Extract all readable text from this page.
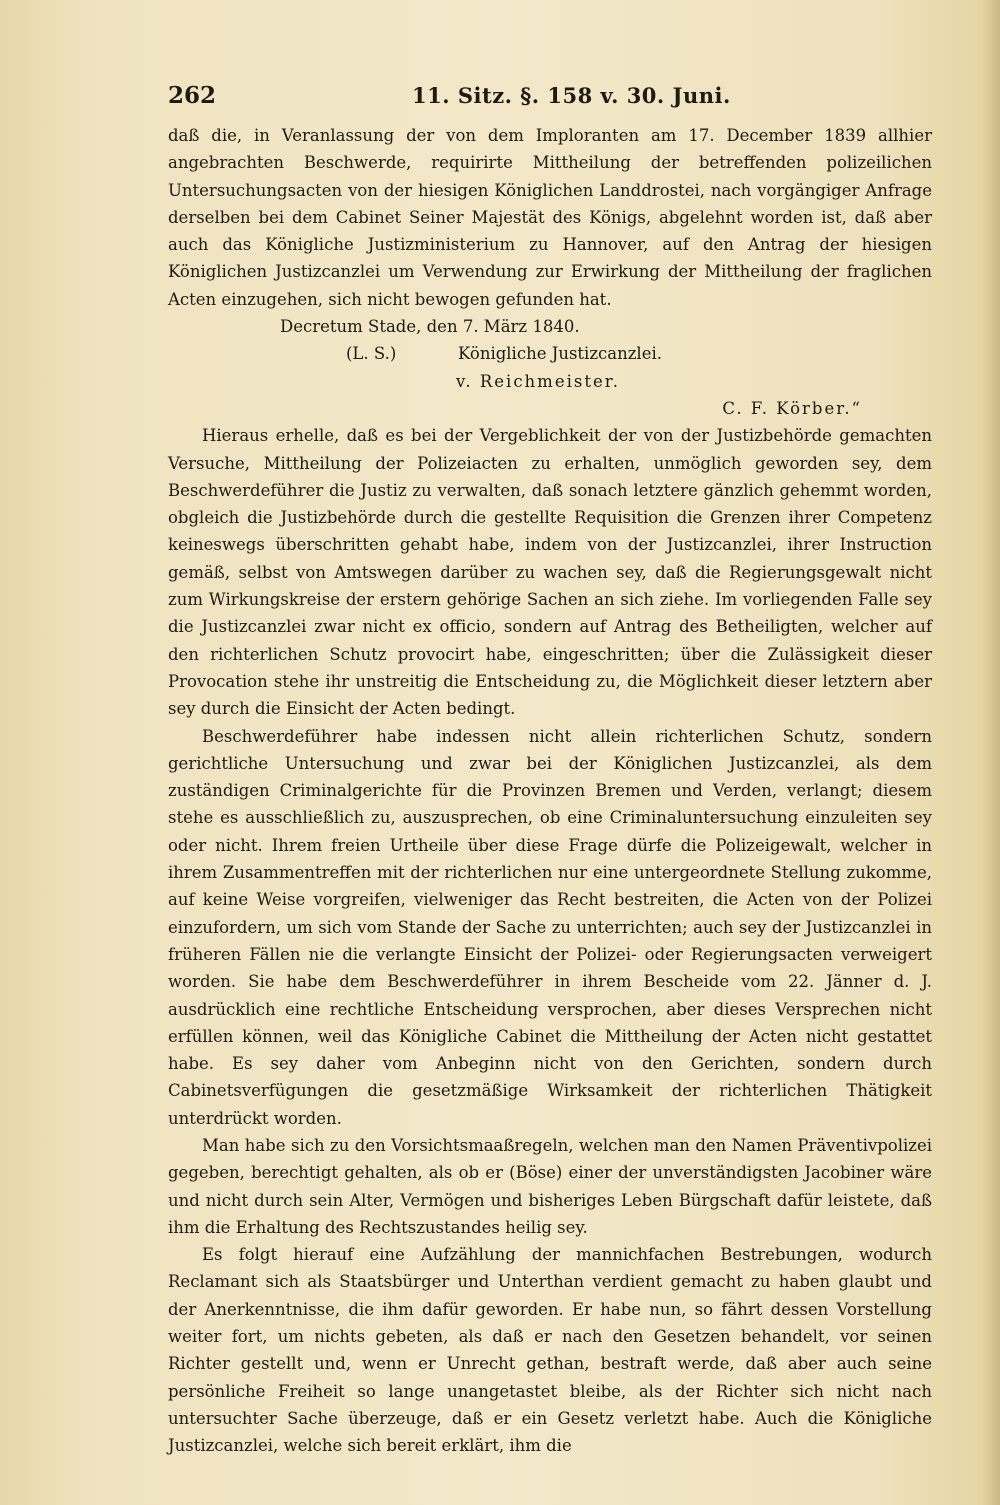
262	11. Sitz. §. 158 v. 30. Juni.

daß die, in Veranlassung der von dem Imploranten am 17. December 1839 allhier angebrachten Beschwerde, requirirte Mittheilung der betreffenden polizeilichen Untersuchungsacten von der hiesigen Königlichen Landdrostei, nach vorgängiger Anfrage derselben bei dem Cabinet Seiner Majestät des Königs, abgelehnt worden ist, daß aber auch das Königliche Justizministerium zu Hannover, auf den Antrag der hiesigen Königlichen Justizcanzlei um Verwendung zur Erwirkung der Mittheilung der fraglichen Acten einzugehen, sich nicht bewogen gefunden hat.

Decretum Stade, den 7. März 1840.

(L. S.)	Königliche Justizcanzlei.

v. Reichmeister.

C. F. Körber.“

Hieraus erhelle, daß es bei der Vergeblichkeit der von der Justizbehörde gemachten Versuche, Mittheilung der Polizeiacten zu erhalten, unmöglich geworden sey, dem Beschwerdeführer die Justiz zu verwalten, daß sonach letztere gänzlich gehemmt worden, obgleich die Justizbehörde durch die gestellte Requisition die Grenzen ihrer Competenz keineswegs überschritten gehabt habe, indem von der Justizcanzlei, ihrer Instruction gemäß, selbst von Amtswegen darüber zu wachen sey, daß die Regierungsgewalt nicht zum Wirkungskreise der erstern gehörige Sachen an sich ziehe. Im vorliegenden Falle sey die Justizcanzlei zwar nicht ex officio, sondern auf Antrag des Betheiligten, welcher auf den richterlichen Schutz provocirt habe, eingeschritten; über die Zulässigkeit dieser Provocation stehe ihr unstreitig die Entscheidung zu, die Möglichkeit dieser letztern aber sey durch die Einsicht der Acten bedingt.

Beschwerdeführer habe indessen nicht allein richterlichen Schutz, sondern gerichtliche Untersuchung und zwar bei der Königlichen Justizcanzlei, als dem zuständigen Criminalgerichte für die Provinzen Bremen und Verden, verlangt; diesem stehe es ausschließlich zu, auszusprechen, ob eine Criminaluntersuchung einzuleiten sey oder nicht. Ihrem freien Urtheile über diese Frage dürfe die Polizeigewalt, welcher in ihrem Zusammentreffen mit der richterlichen nur eine untergeordnete Stellung zukomme, auf keine Weise vorgreifen, vielweniger das Recht bestreiten, die Acten von der Polizei einzufordern, um sich vom Stande der Sache zu unterrichten; auch sey der Justizcanzlei in früheren Fällen nie die verlangte Einsicht der Polizei- oder Regierungsacten verweigert worden. Sie habe dem Beschwerdeführer in ihrem Bescheide vom 22. Jänner d. J. ausdrücklich eine rechtliche Entscheidung versprochen, aber dieses Versprechen nicht erfüllen können, weil das Königliche Cabinet die Mittheilung der Acten nicht gestattet habe. Es sey daher vom Anbeginn nicht von den Gerichten, sondern durch Cabinetsverfügungen die gesetzmäßige Wirksamkeit der richterlichen Thätigkeit unterdrückt worden.

Man habe sich zu den Vorsichtsmaaßregeln, welchen man den Namen Präventivpolizei gegeben, berechtigt gehalten, als ob er (Böse) einer der unverständigsten Jacobiner wäre und nicht durch sein Alter, Vermögen und bisheriges Leben Bürgschaft dafür leistete, daß ihm die Erhaltung des Rechtszustandes heilig sey.

Es folgt hierauf eine Aufzählung der mannichfachen Bestrebungen, wodurch Reclamant sich als Staatsbürger und Unterthan verdient gemacht zu haben glaubt und der Anerkenntnisse, die ihm dafür geworden. Er habe nun, so fährt dessen Vorstellung weiter fort, um nichts gebeten, als daß er nach den Gesetzen behandelt, vor seinen Richter gestellt und, wenn er Unrecht gethan, bestraft werde, daß aber auch seine persönliche Freiheit so lange unangetastet bleibe, als der Richter sich nicht nach untersuchter Sache überzeuge, daß er ein Gesetz verletzt habe. Auch die Königliche Justizcanzlei, welche sich bereit erklärt, ihm die
